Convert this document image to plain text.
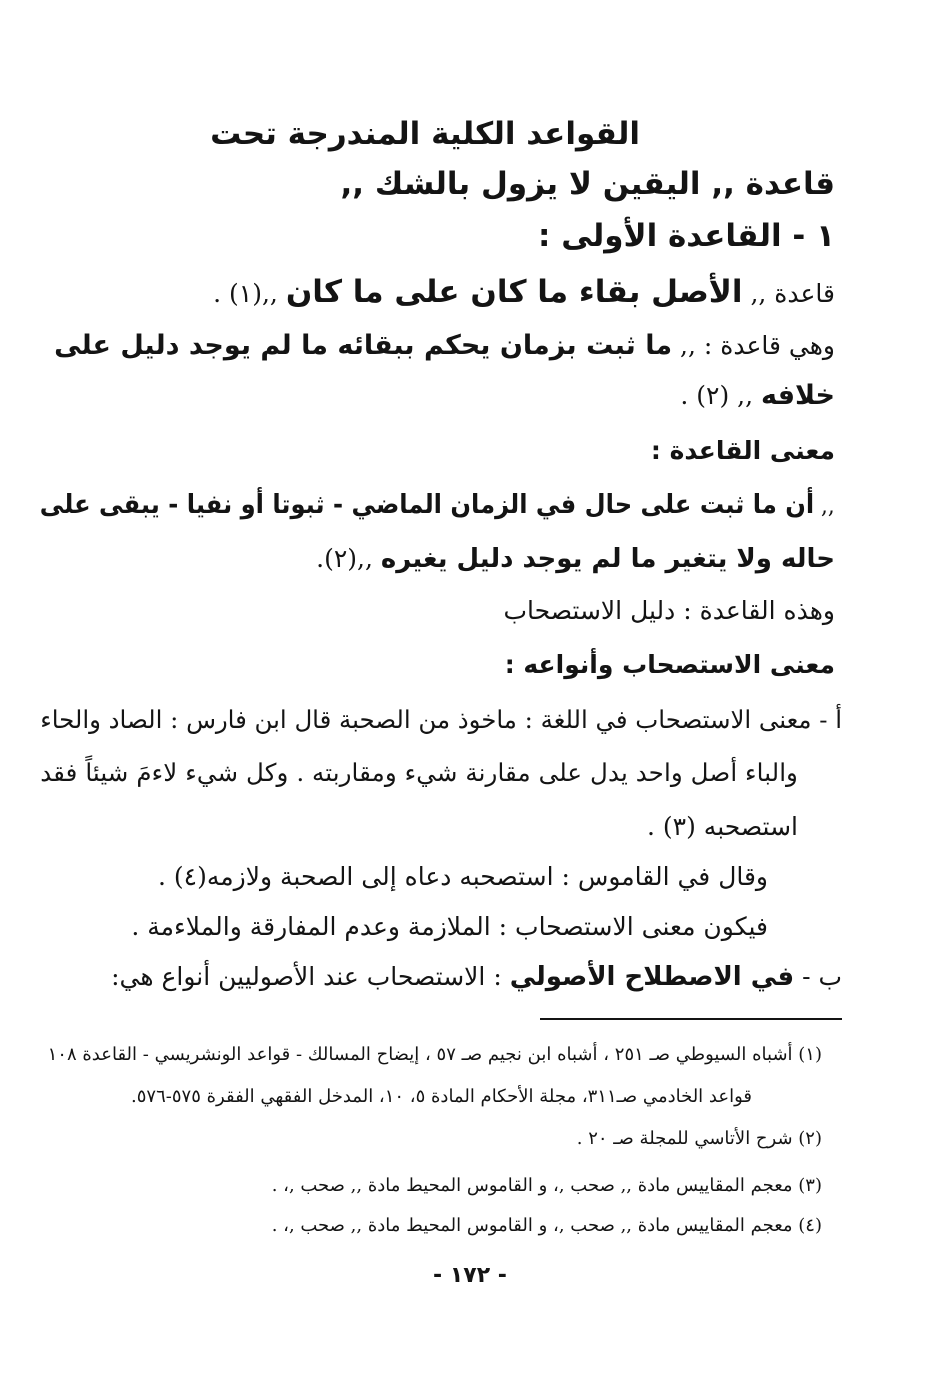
القواعد الكلية المندرجة تحت
قاعدة ,, اليقين لا يزول بالشك ,,
١ - القاعدة الأولى :
قاعدة ,, الأصل بقاء ما كان على ما كان ,,(١) .
وهي قاعدة : ,, ما ثبت بزمان يحكم ببقائه ما لم يوجد دليل على
خلافه ,, (٢) .
معنى القاعدة :
,, أن ما ثبت على حال في الزمان الماضي - ثبوتا أو نفيا - يبقى على
حاله ولا يتغير ما لم يوجد دليل يغيره ,,(٢).
وهذه القاعدة : دليل الاستصحاب
معنى الاستصحاب وأنواعه :
أ - معنى الاستصحاب في اللغة : ماخوذ من الصحبة قال ابن فارس : الصاد والحاء
والباء أصل واحد يدل على مقارنة شيء ومقاربته . وكل شيء لاءمَ شيئاً فقد
استصحبه (٣) .
وقال في القاموس : استصحبه دعاه إلى الصحبة ولازمه(٤) .
فيكون معنى الاستصحاب : الملازمة وعدم المفارقة والملاءمة .
ب - في الاصطلاح الأصولي : الاستصحاب عند الأصوليين أنواع هي:
(١) أشباه السيوطي صـ ٢٥١ ، أشباه ابن نجيم صـ ٥٧ ، إيضاح المسالك - قواعد الونشريسي - القاعدة ١٠٨
قواعد الخادمي صـ٣١١، مجلة الأحكام المادة ٥، ١٠، المدخل الفقهي الفقرة ٥٧٥-٥٧٦.
(٢) شرح الأتاسي للمجلة صـ ٢٠ .
(٣) معجم المقاييس مادة ,, صحب ,، و القاموس المحيط مادة ,, صحب ,، .
(٤) معجم المقاييس مادة ,, صحب ,، و القاموس المحيط مادة ,, صحب ,، .
- ١٧٢ -
